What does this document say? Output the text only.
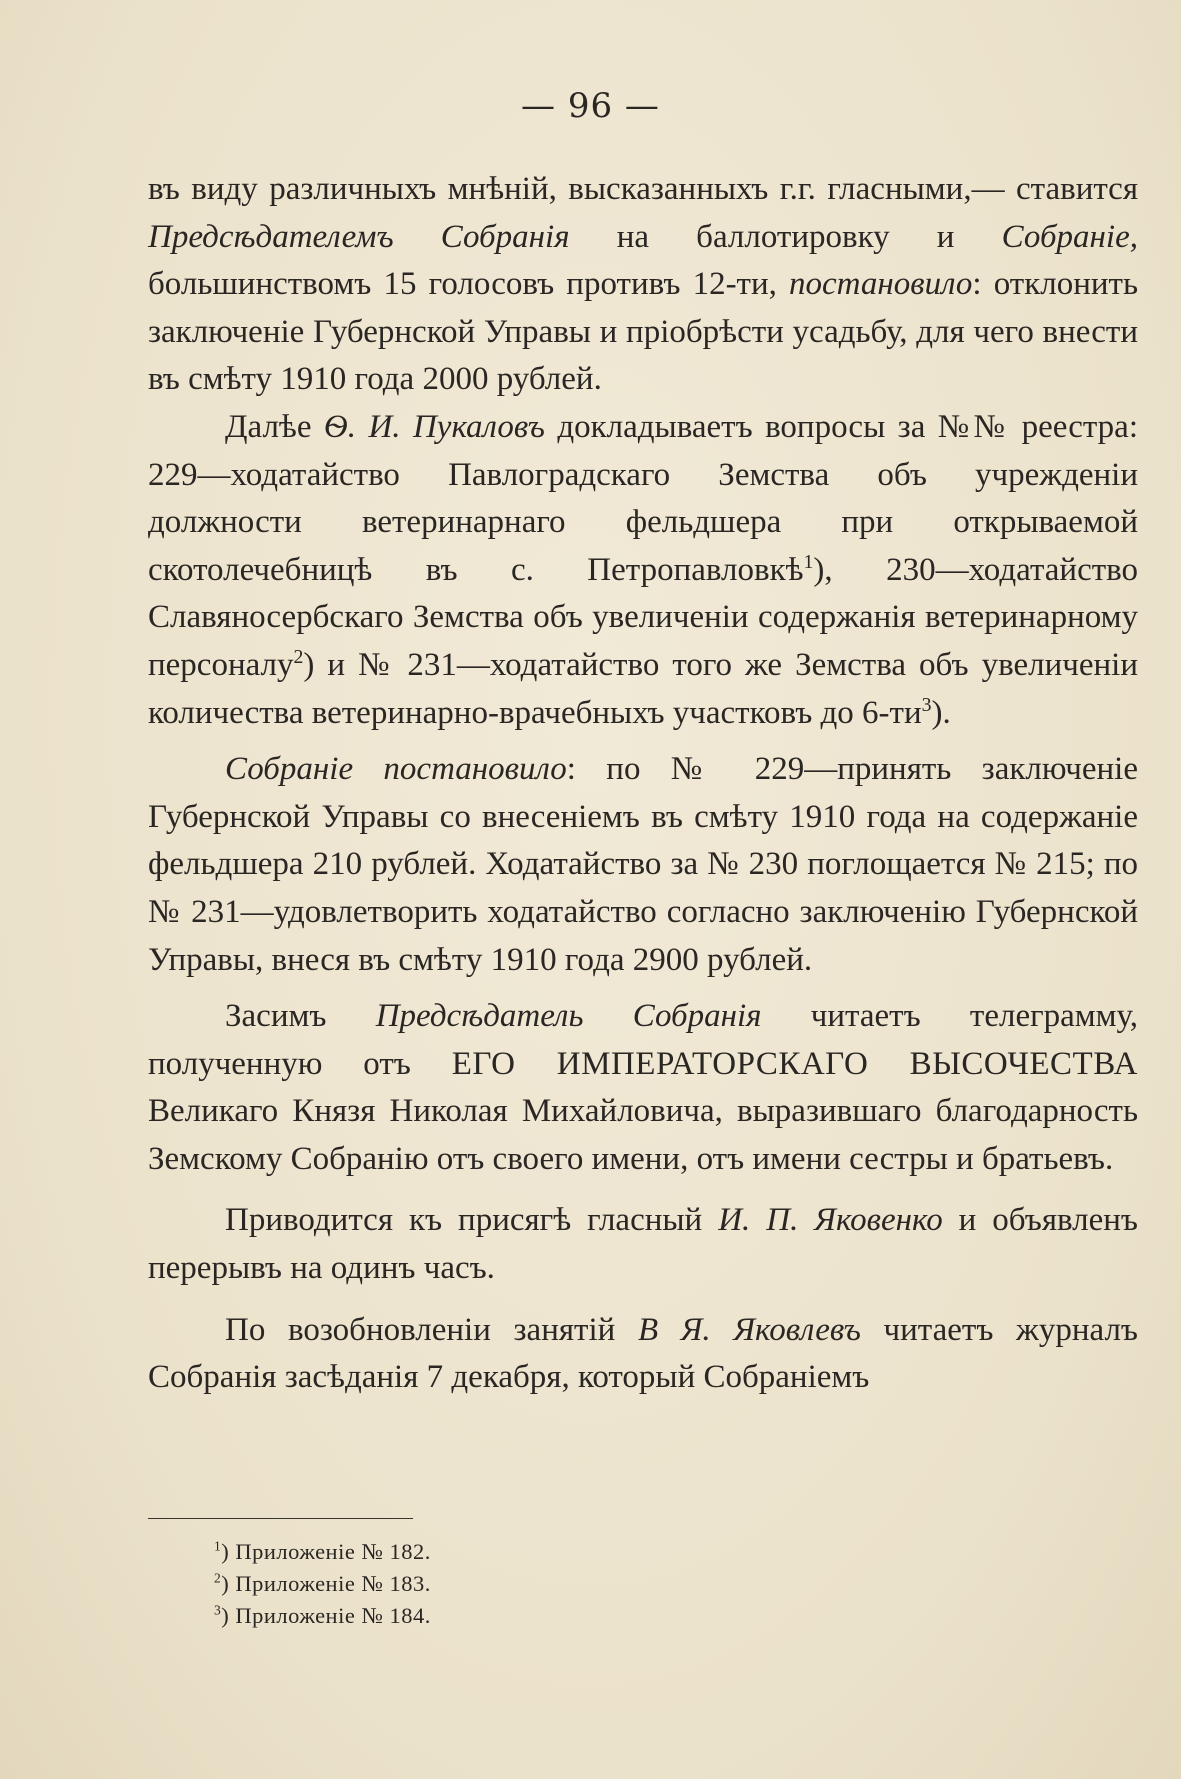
— 96 —

въ виду различныхъ мнѣній, высказанныхъ г.г. гласными,— ставится Предсѣдателемъ Собранія на баллотировку и Собраніе, большинствомъ 15 голосовъ противъ 12-ти, постановило: отклонить заключеніе Губернской Управы и пріобрѣсти усадьбу, для чего внести въ смѣту 1910 года 2000 рублей.

Далѣе Ѳ. И. Пукаловъ докладываетъ вопросы за №№ реестра: 229—ходатайство Павлоградскаго Земства объ учрежденіи должности ветеринарнаго фельдшера при открываемой скотолечебницѣ въ с. Петропавловкѣ$^1$), 230—ходатайство Славяносербскаго Земства объ увеличеніи содержанія ветеринарному персоналу$^2$) и № 231—ходатайство того же Земства объ увеличеніи количества ветеринарно-врачебныхъ участковъ до $6-ти^3$).

Собраніе постановило: по № 229—принять заключеніе Губернской Управы со внесеніемъ въ смѣту 1910 года на содержаніе фельдшера 210 рублей. Ходатайство за № 230 поглощается № 215; по № 231—удовлетворить ходатайство согласно заключенію Губернской Управы, внеся въ смѣту 1910 года 2900 рублей.

Засимъ Предсѣдатель Собранія читаетъ телеграмму, полученную отъ ЕГО ИМПЕРАТОРСКАГО ВЫСОЧЕСТВА Великаго Князя Николая Михайловича, выразившаго благодарность Земскому Собранію отъ своего имени, отъ имени сестры и братьевъ.

Приводится къ присягѣ гласный И. П. Яковенко и объявленъ перерывъ на одинъ часъ.

По возобновленіи занятій В Я. Яковлевъ читаетъ журналъ Собранія засѣданія 7 декабря, который Собраніемъ

$^1$) Приложеніе № 182.
$^2$) Приложеніе № 183.
$^3$) Приложеніе № 184.
